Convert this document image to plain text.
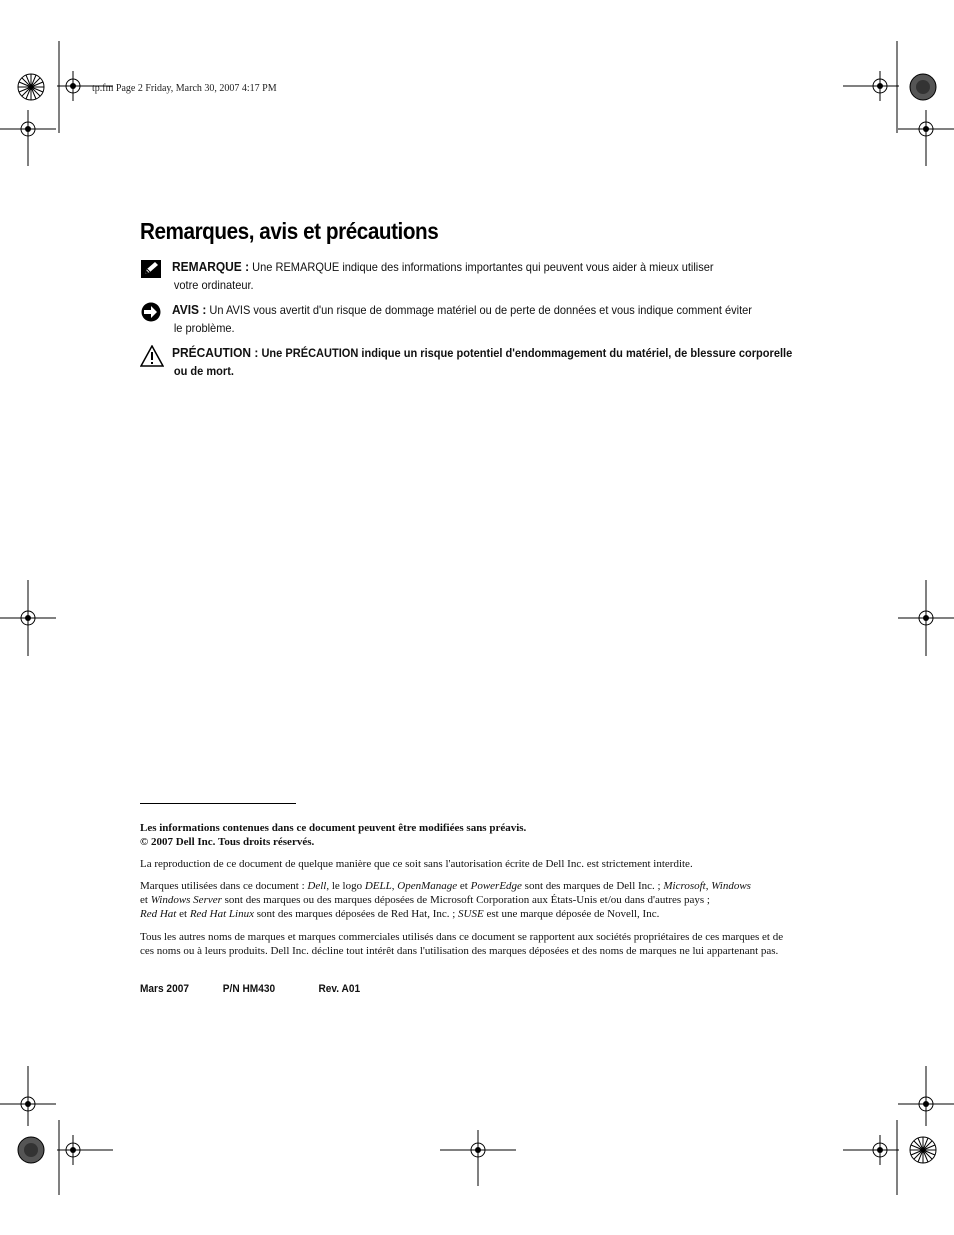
tp.fm Page 2 Friday, March 30, 2007 4:17 PM
Remarques, avis et précautions
REMARQUE : Une REMARQUE indique des informations importantes qui peuvent vous aider à mieux utiliser
votre ordinateur.
AVIS : Un AVIS vous avertit d'un risque de dommage matériel ou de perte de données et vous indique comment éviter
le problème.
PRÉCAUTION : Une PRÉCAUTION indique un risque potentiel d'endommagement du matériel, de blessure corporelle
ou de mort.

Les informations contenues dans ce document peuvent être modifiées sans préavis.
© 2007 Dell Inc. Tous droits réservés.

La reproduction de ce document de quelque manière que ce soit sans l'autorisation écrite de Dell Inc. est strictement interdite.

Marques utilisées dans ce document : Dell, le logo DELL, OpenManage et PowerEdge sont des marques de Dell Inc. ; Microsoft, Windows
et Windows Server sont des marques ou des marques déposées de Microsoft Corporation aux États-Unis et/ou dans d'autres pays ;
Red Hat et Red Hat Linux sont des marques déposées de Red Hat, Inc. ; SUSE est une marque déposée de Novell, Inc.

Tous les autres noms de marques et marques commerciales utilisés dans ce document se rapportent aux sociétés propriétaires de ces marques et de
ces noms ou à leurs produits. Dell Inc. décline tout intérêt dans l'utilisation des marques déposées et des noms de marques ne lui appartenant pas.

Mars 2007	P/N HM430	Rev. A01
